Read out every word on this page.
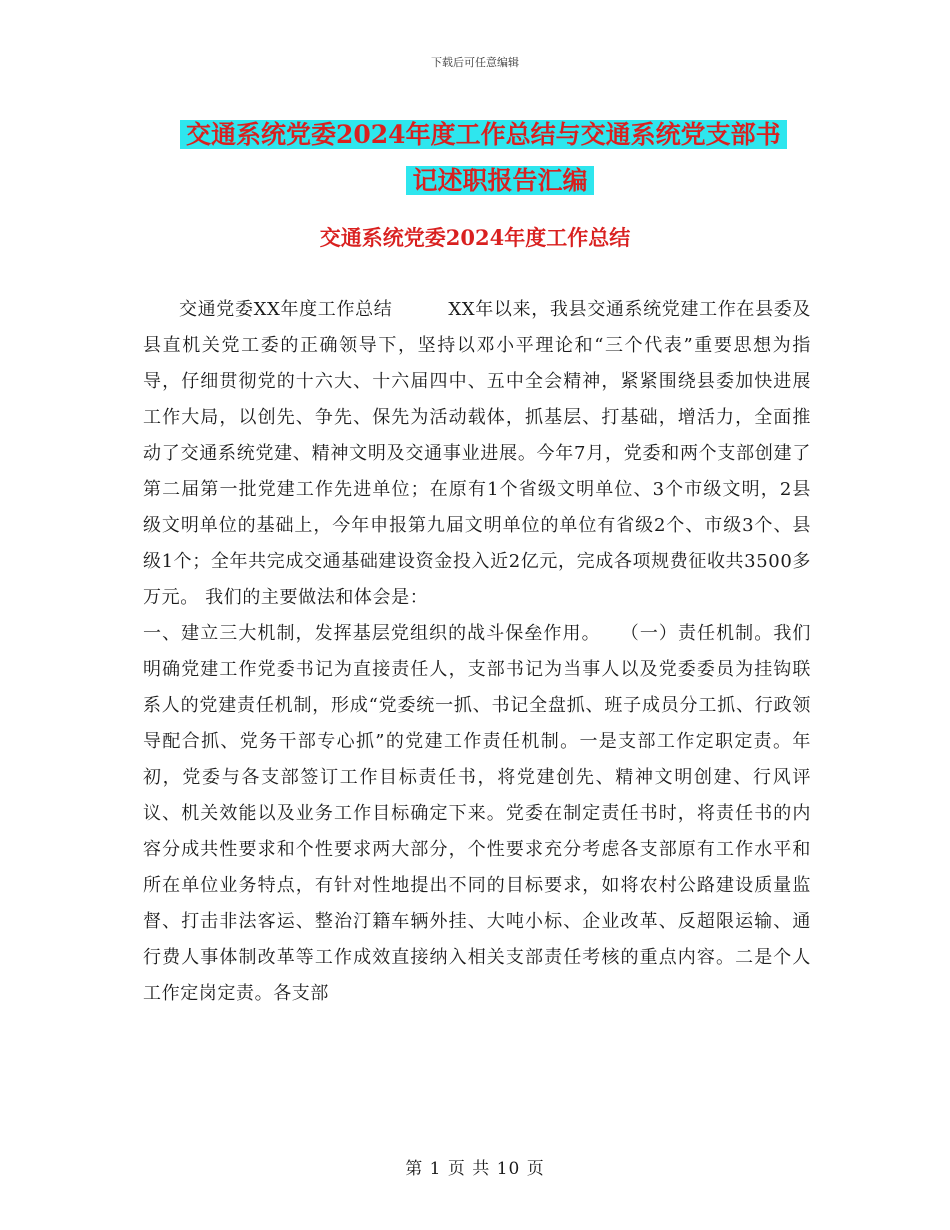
下载后可任意编辑
交通系统党委2024年度工作总结与交通系统党支部书
记述职报告汇编
交通系统党委2024年度工作总结

交通党委XX年度工作总结　　　XX年以来，我县交通系统党建工作在县委及县直机关党工委的正确领导下，坚持以邓小平理论和“三个代表”重要思想为指导，仔细贯彻党的十六大、十六届四中、五中全会精神，紧紧围绕县委加快进展工作大局，以创先、争先、保先为活动载体，抓基层、打基础，增活力，全面推动了交通系统党建、精神文明及交通事业进展。今年7月，党委和两个支部创建了第二届第一批党建工作先进单位；在原有1个省级文明单位、3个市级文明，2县级文明单位的基础上，今年申报第九届文明单位的单位有省级2个、市级3个、县级1个；全年共完成交通基础建设资金投入近2亿元，完成各项规费征收共3500多万元。 我们的主要做法和体会是：

一、建立三大机制，发挥基层党组织的战斗保垒作用。　　（一）责任机制。我们明确党建工作党委书记为直接责任人，支部书记为当事人以及党委委员为挂钩联系人的党建责任机制，形成“党委统一抓、书记全盘抓、班子成员分工抓、行政领导配合抓、党务干部专心抓”的党建工作责任机制。一是支部工作定职定责。年初，党委与各支部签订工作目标责任书，将党建创先、精神文明创建、行风评议、机关效能以及业务工作目标确定下来。党委在制定责任书时，将责任书的内容分成共性要求和个性要求两大部分，个性要求充分考虑各支部原有工作水平和所在单位业务特点，有针对性地提出不同的目标要求，如将农村公路建设质量监督、打击非法客运、整治汀籍车辆外挂、大吨小标、企业改革、反超限运输、通行费人事体制改革等工作成效直接纳入相关支部责任考核的重点内容。二是个人工作定岗定责。各支部

第 1 页 共 10 页
